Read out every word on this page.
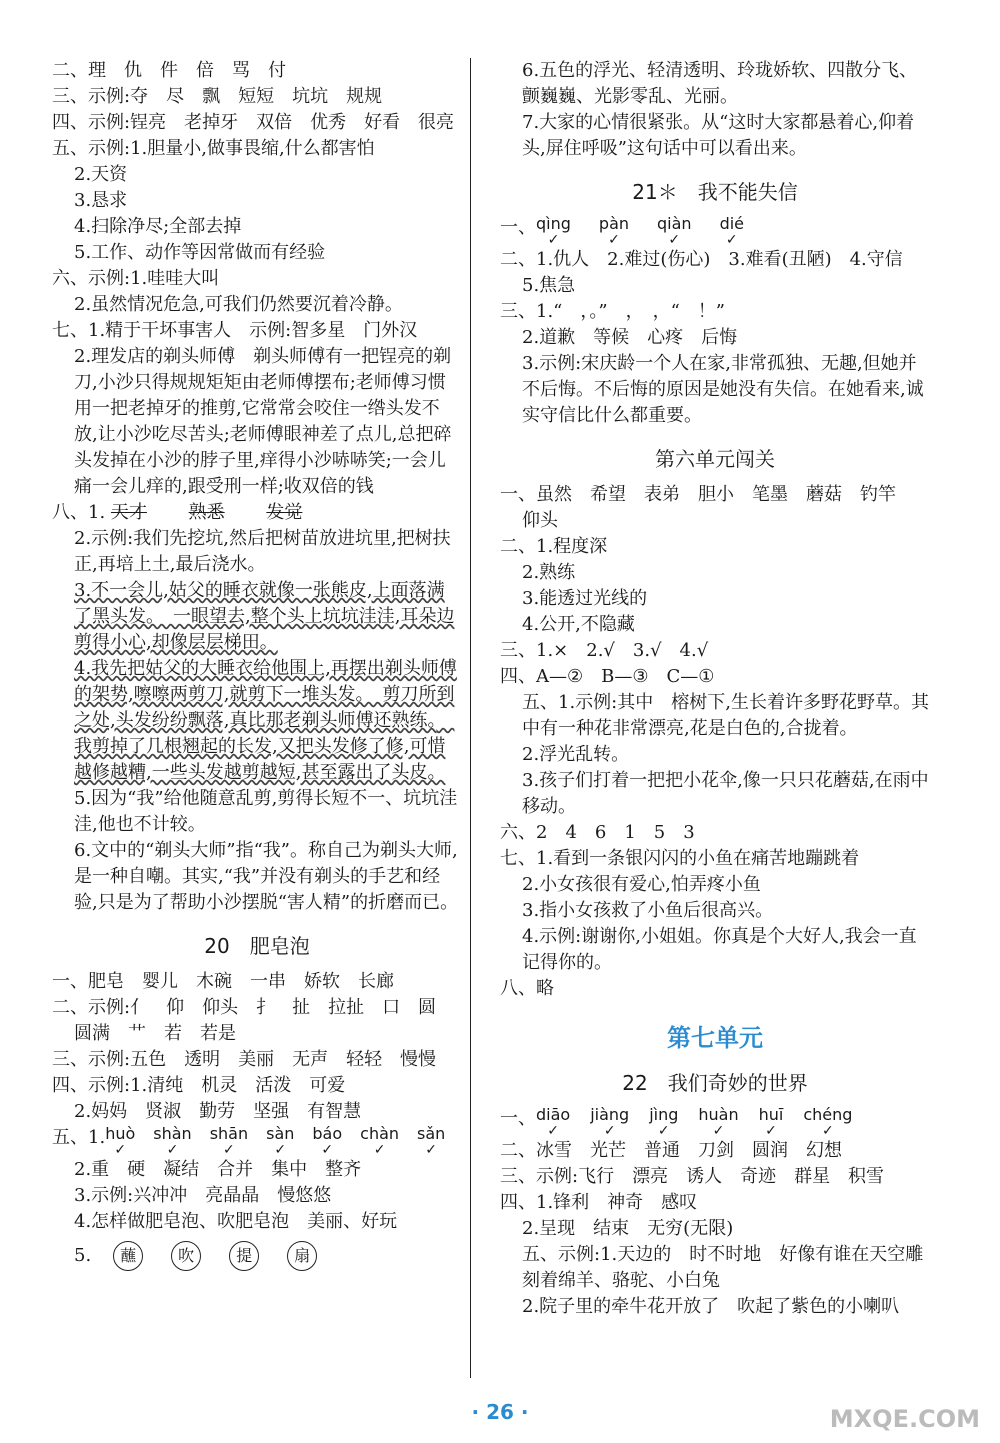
二、理　仇　件　倍　骂　付
三、示例:夺　尽　飘　短短　坑坑　规规
四、示例:锃亮　老掉牙　双倍　优秀　好看　很亮
五、示例:1.胆量小,做事畏缩,什么都害怕
2.天资
3.恳求
4.扫除净尽;全部去掉
5.工作、动作等因常做而有经验
六、示例:1.哇哇大叫
2.虽然情况危急,可我们仍然要沉着冷静。
七、1.精于干坏事害人　示例:智多星　门外汉
2.理发店的剃头师傅　剃头师傅有一把锃亮的剃刀,小沙只得规规矩矩由老师傅摆布;老师傅习惯用一把老掉牙的推剪,它常常会咬住一绺头发不放,让小沙吃尽苦头;老师傅眼神差了点儿,总把碎头发掉在小沙的脖子里,痒得小沙哧哧笑;一会儿痛一会儿痒的,跟受刑一样;收双倍的钱
八、1. 天才　　 熟悉　　 发觉
2.示例:我们先挖坑,然后把树苗放进坑里,把树扶正,再培上土,最后浇水。
3.不一会儿,姑父的睡衣就像一张熊皮,上面落满了黑头发。　一眼望去,整个头上坑坑洼洼,耳朵边剪得小心,却像层层梯田。
4.我先把姑父的大睡衣给他围上,再摆出剃头师傅的架势,嚓嚓两剪刀,就剪下一堆头发。　剪刀所到之处,头发纷纷飘落,真比那老剃头师傅还熟练。　我剪掉了几根翘起的长发,又把头发修了修,可惜越修越糟,一些头发越剪越短,甚至露出了头皮。
5.因为“我”给他随意乱剪,剪得长短不一、坑坑洼洼,他也不计较。
6.文中的“剃头大师”指“我”。称自己为剃头大师,是一种自嘲。其实,“我”并没有剃头的手艺和经验,只是为了帮助小沙摆脱“害人精”的折磨而已。
20　肥皂泡
一、肥皂　婴儿　木碗　一串　娇软　长廊
二、示例:亻　仰　仰头　扌　扯　拉扯　口　圆
圆满　艹　若　若是
三、示例:五色　透明　美丽　无声　轻轻　慢慢
四、示例:1.清纯　机灵　活泼　可爱
2.妈妈　贤淑　勤劳　坚强　有智慧
五、1. huò
✓
shàn
✓
shān
✓
sàn
✓
báo
✓
chàn
✓
sǎn
✓
2.重　硬　凝结　合并　集中　整齐
3.示例:兴冲冲　亮晶晶　慢悠悠
4.怎样做肥皂泡、吹肥皂泡　美丽、好玩
5.	蘸	吹	提	扇
6.五色的浮光、轻清透明、玲珑娇软、四散分飞、颤巍巍、光影零乱、光丽。
7.大家的心情很紧张。从“这时大家都悬着心,仰着头,屏住呼吸”这句话中可以看出来。
21＊　我不能失信
一、 qìng
✓
pàn
✓
qiàn
✓
dié
✓
二、1.仇人　2.难过(伤心)　3.难看(丑陋)　4.守信
5.焦急
三、1.“　，。”　，　，“　！”
2.道歉　等候　心疼　后悔
3.示例:宋庆龄一个人在家,非常孤独、无趣,但她并不后悔。不后悔的原因是她没有失信。在她看来,诚实守信比什么都重要。
第六单元闯关
一、虽然　希望　表弟　胆小　笔墨　蘑菇　钓竿
仰头
二、1.程度深
2.熟练
3.能透过光线的
4.公开,不隐藏
三、1.×　2.√　3.√　4.√
四、A—②　B—③　C—①
五、1.示例:其中　榕树下,生长着许多野花野草。其中有一种花非常漂亮,花是白色的,合拢着。
2.浮光乱转。
3.孩子们打着一把把小花伞,像一只只花蘑菇,在雨中移动。
六、2　4　6　1　5　3
七、1.看到一条银闪闪的小鱼在痛苦地蹦跳着
2.小女孩很有爱心,怕弄疼小鱼
3.指小女孩救了小鱼后很高兴。
4.示例:谢谢你,小姐姐。你真是个大好人,我会一直记得你的。
八、略
第七单元
22　我们奇妙的世界
一、 diāo
✓
jiàng
✓
jìng
✓
huàn
✓
huī
✓
chéng
✓
二、冰雪　光芒　普通　刀剑　圆润　幻想
三、示例:飞行　漂亮　诱人　奇迹　群星　积雪
四、1.锋利　神奇　感叹
2.呈现　结束　无穷(无限)
五、示例:1.天边的　时不时地　好像有谁在天空雕刻着绵羊、骆驼、小白兔
2.院子里的牵牛花开放了　吹起了紫色的小喇叭
· 26 ·	MXQE.COM
